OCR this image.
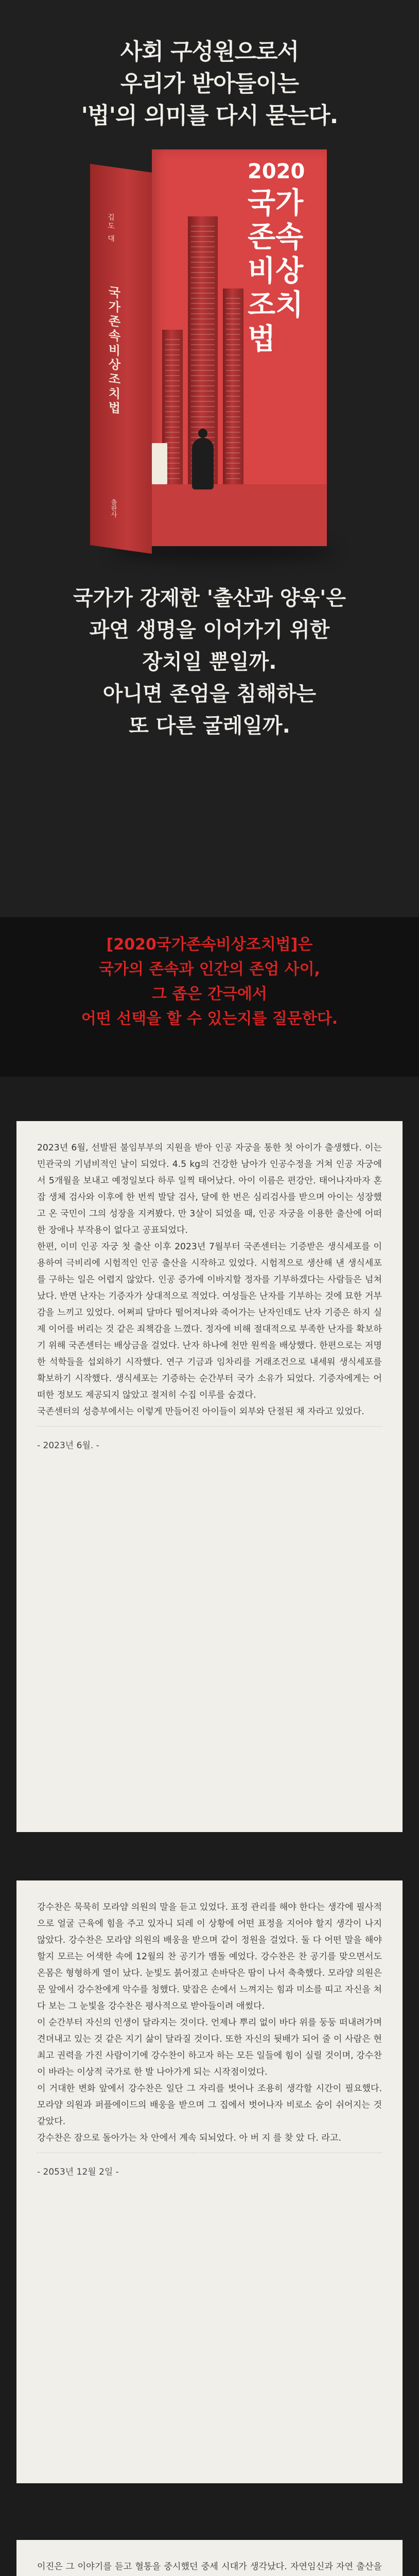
사회 구성원으로서
우리가 받아들이는
'법'의 의미를 다시 묻는다.
김도 대
국가존속비상조치법
출판사
2020
국가
존속
비상
조치
법
국가가 강제한 '출산과 양육'은
과연 생명을 이어가기 위한
장치일 뿐일까.
아니면 존엄을 침해하는
또 다른 굴레일까.
[2020국가존속비상조치법]은
국가의 존속과 인간의 존엄 사이,
그 좁은 간극에서
어떤 선택을 할 수 있는지를 질문한다.

2023년 6월, 선발된 불임부부의 지원을 받아 인공 자궁을 통한 첫 아이가 출생했다. 이는 민관국의 기념비적인 날이 되었다. 4.5 kg의 건강한 남아가 인공수정을 거쳐 인공 자궁에서 5개월을 보내고 예정일보다 하루 일찍 태어났다. 아이 이름은 편강안. 태어나자마자 혼잡 생체 검사와 이후에 한 번씩 발달 검사, 달에 한 번은 심리검사를 받으며 아이는 성장했고 온 국민이 그의 성장을 지켜봤다. 만 3살이 되었을 때, 인공 자궁을 이용한 출산에 어떠한 장애나 부작용이 없다고 공표되었다.
한편, 이미 인공 자궁 첫 출산 이후 2023년 7월부터 국존센터는 기증받은 생식세포를 이용하여 극비리에 시험적인 인공 출산을 시작하고 있었다. 시험적으로 생산해 낸 생식세포를 구하는 일은 어렵지 않았다. 인공 증가에 이바지할 정자를 기부하겠다는 사람들은 넘쳐났다. 반면 난자는 기증자가 상대적으로 적었다. 여성들은 난자를 기부하는 것에 묘한 거부감을 느끼고 있었다. 어쩌피 달마다 떨어져나와 죽어가는 난자인데도 난자 기증은 하지 실제 이어를 버리는 것 같은 죄책감을 느꼈다. 정자에 비해 절대적으로 부족한 난자를 확보하기 위해 국존센터는 배상금을 걸었다. 난자 하나에 천만 원씩을 배상했다. 한편으로는 저명한 석학들을 섭외하기 시작했다. 연구 기금과 임차리를 거래조건으로 내세워 생식세포를 확보하기 시작했다. 생식세포는 기증하는 순간부터 국가 소유가 되었다. 기증자에게는 어떠한 정보도 제공되지 않았고 절저히 수집 이루를 숨겼다.
국존센터의 성층부에서는 이렇게 만들어진 아이들이 외부와 단절된 채 자라고 있었다.

- 2023년 6월. -

강수찬은 묵묵히 모라얌 의원의 말을 듣고 있었다. 표정 관리를 해야 한다는 생각에 필사적으로 얼굴 근육에 힘을 주고 있자니 되레 이 상황에 어떤 표정을 지어야 할지 생각이 나지 않았다. 강수찬은 모라얌 의원의 배웅을 받으며 같이 정원을 걸었다. 둘 다 어떤 말을 해야 할지 모르는 어색한 속에 12월의 찬 공기가 맴돌 예었다. 강수찬은 찬 공기를 맞으면서도 온몸은 형형하게 열이 났다. 눈빛도 붉어졌고 손바닥은 땀이 나서 축축했다. 모라얌 의원은 문 앞에서 강수찬에게 악수를 청했다. 맞잡은 손에서 느껴지는 힘과 미소를 띠고 자신을 쳐다 보는 그 눈빛을 강수찬은 평사적으로 받아들이려 애썼다.
이 순간부터 자신의 인생이 달라지는 것이다. 언제나 뿌리 없이 바다 위를 둥둥 떠내려가며 견뎌내고 있는 것 같은 지기 삶이 달라질 것이다. 또한 자신의 뒷배가 되어 줄 이 사람은 현 최고 권력을 가진 사람이기에 강수찬이 하고자 하는 모든 일들에 힘이 실릴 것이며, 강수찬이 바라는 이상적 국가로 한 발 나아가게 되는 시작점이었다.
이 거대한 변화 앞에서 강수찬은 일단 그 자리를 벗어나 조용히 생각할 시간이 필요했다. 모라얌 의원과 퍼플에이드의 배웅을 받으며 그 집에서 벗어나자 비로소 숨이 쉬어지는 것 같았다.
강수찬은 잠으로 돌아가는 차 안에서 계속 되뇌었다. 아 버 지 를 찾 았 다. 라고.

- 2053년 12월 2일 -

이진은 그 이야기를 듣고 혈통을 중시했던 중세 시대가 생각났다. 자연임신과 자연 출산을
